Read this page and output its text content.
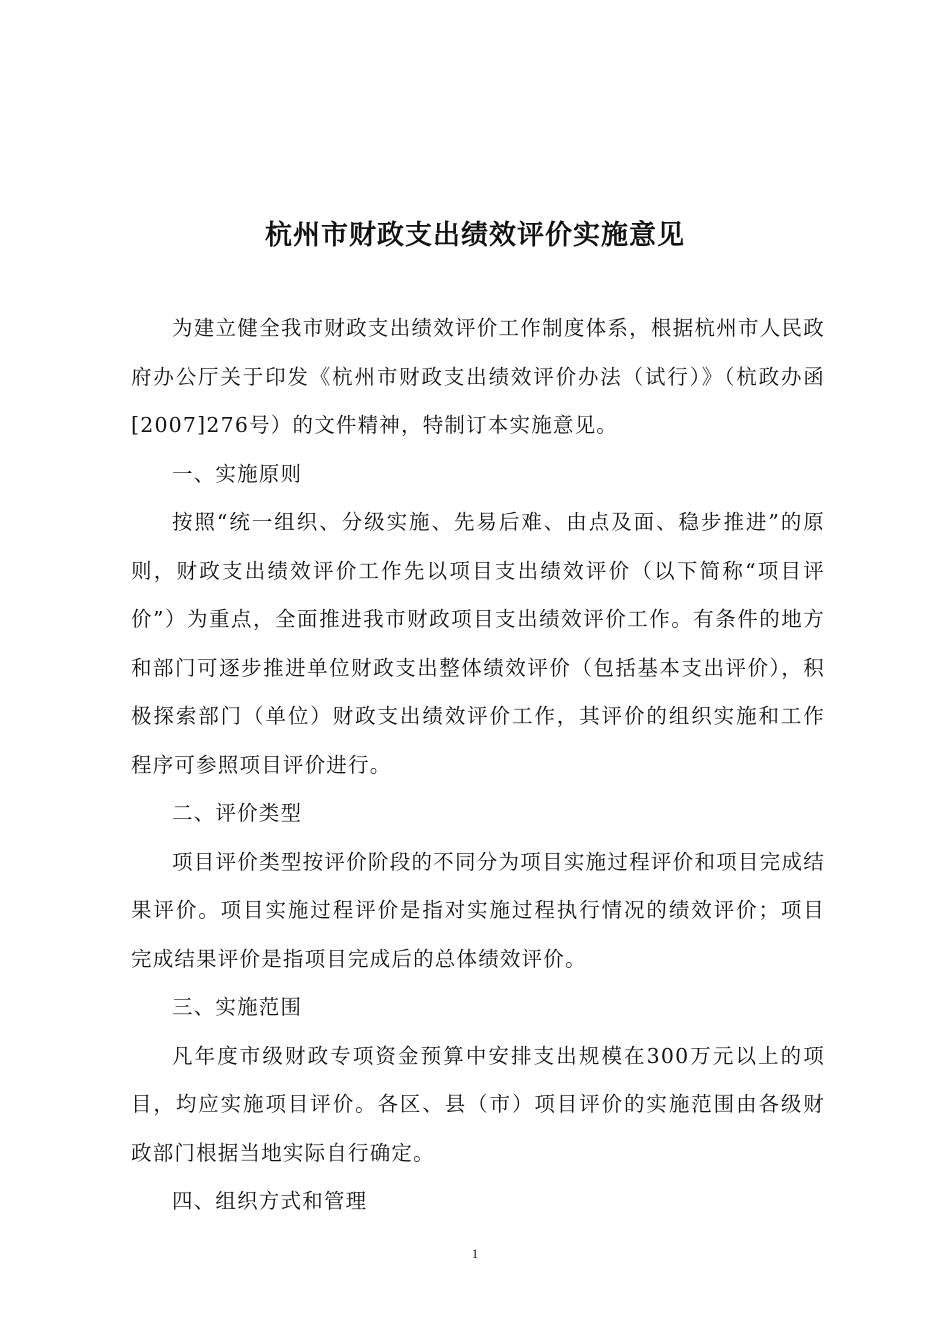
杭州市财政支出绩效评价实施意见

为建立健全我市财政支出绩效评价工作制度体系，根据杭州市人民政府办公厅关于印发《杭州市财政支出绩效评价办法（试行）》（杭政办函[2007]276号）的文件精神，特制订本实施意见。

一、实施原则

按照“统一组织、分级实施、先易后难、由点及面、稳步推进”的原则，财政支出绩效评价工作先以项目支出绩效评价（以下简称“项目评价”）为重点，全面推进我市财政项目支出绩效评价工作。有条件的地方和部门可逐步推进单位财政支出整体绩效评价（包括基本支出评价），积极探索部门（单位）财政支出绩效评价工作，其评价的组织实施和工作程序可参照项目评价进行。

二、评价类型

项目评价类型按评价阶段的不同分为项目实施过程评价和项目完成结果评价。项目实施过程评价是指对实施过程执行情况的绩效评价；项目完成结果评价是指项目完成后的总体绩效评价。

三、实施范围

凡年度市级财政专项资金预算中安排支出规模在300万元以上的项目，均应实施项目评价。各区、县（市）项目评价的实施范围由各级财政部门根据当地实际自行确定。

四、组织方式和管理

1
